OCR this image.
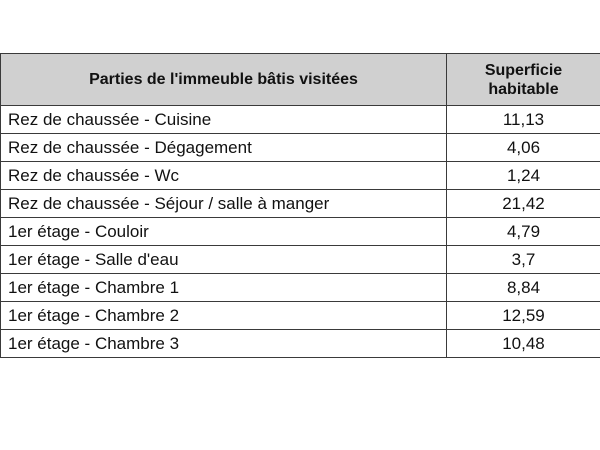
Parties de l'immeuble bâtis visitées	Superficie
habitable

Rez de chaussée - Cuisine	11,13
Rez de chaussée - Dégagement	4,06
Rez de chaussée - Wc	1,24
Rez de chaussée - Séjour / salle à manger	21,42
1er étage - Couloir	4,79
1er étage - Salle d'eau	3,7
1er étage - Chambre 1	8,84
1er étage - Chambre 2	12,59
1er étage - Chambre 3	10,48
